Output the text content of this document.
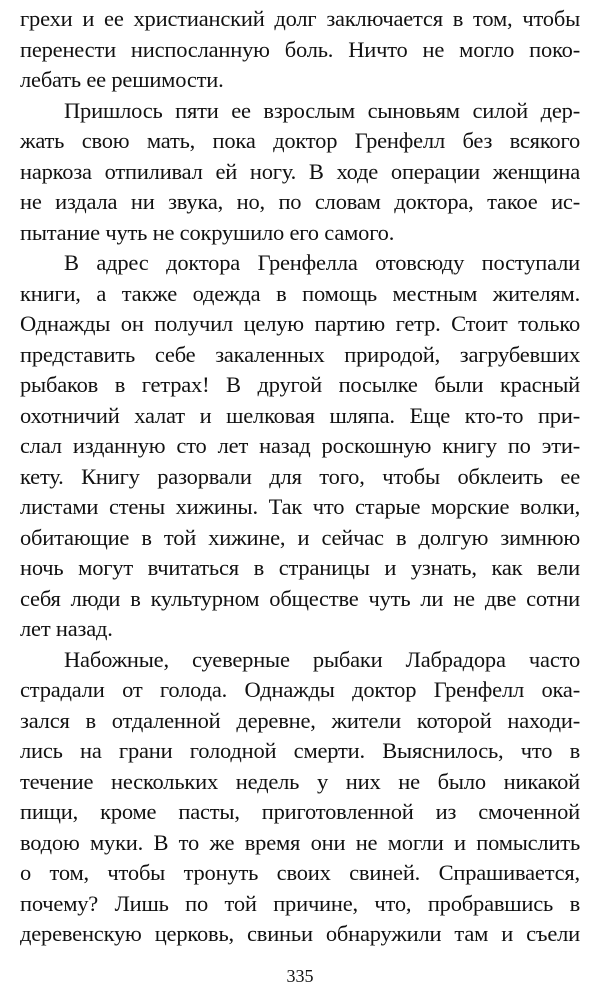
грехи и ее христианский долг заключается в том, чтобы
перенести ниспосланную боль. Ничто не могло поко-
лебать ее решимости.
Пришлось пяти ее взрослым сыновьям силой дер-
жать свою мать, пока доктор Гренфелл без всякого
наркоза отпиливал ей ногу. В ходе операции женщина
не издала ни звука, но, по словам доктора, такое ис-
пытание чуть не сокрушило его самого.
В адрес доктора Гренфелла отовсюду поступали
книги, а также одежда в помощь местным жителям.
Однажды он получил целую партию гетр. Стоит только
представить себе закаленных природой, загрубевших
рыбаков в гетрах! В другой посылке были красный
охотничий халат и шелковая шляпа. Еще кто-то при-
слал изданную сто лет назад роскошную книгу по эти-
кету. Книгу разорвали для того, чтобы обклеить ее
листами стены хижины. Так что старые морские волки,
обитающие в той хижине, и сейчас в долгую зимнюю
ночь могут вчитаться в страницы и узнать, как вели
себя люди в культурном обществе чуть ли не две сотни
лет назад.
Набожные, суеверные рыбаки Лабрадора часто
страдали от голода. Однажды доктор Гренфелл ока-
зался в отдаленной деревне, жители которой находи-
лись на грани голодной смерти. Выяснилось, что в
течение нескольких недель у них не было никакой
пищи, кроме пасты, приготовленной из смоченной
водою муки. В то же время они не могли и помыслить
о том, чтобы тронуть своих свиней. Спрашивается,
почему? Лишь по той причине, что, пробравшись в
деревенскую церковь, свиньи обнаружили там и съели
335
